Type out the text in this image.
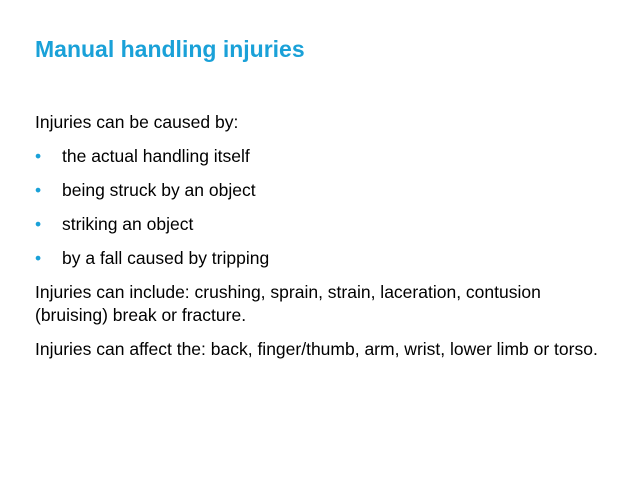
Manual handling injuries

Injuries can be caused by:

•	the actual handling itself
•	being struck by an object
•	striking an object
•	by a fall caused by tripping

Injuries can include: crushing, sprain, strain, laceration, contusion (bruising) break or fracture.

Injuries can affect the: back, finger/thumb, arm, wrist, lower limb or torso.
